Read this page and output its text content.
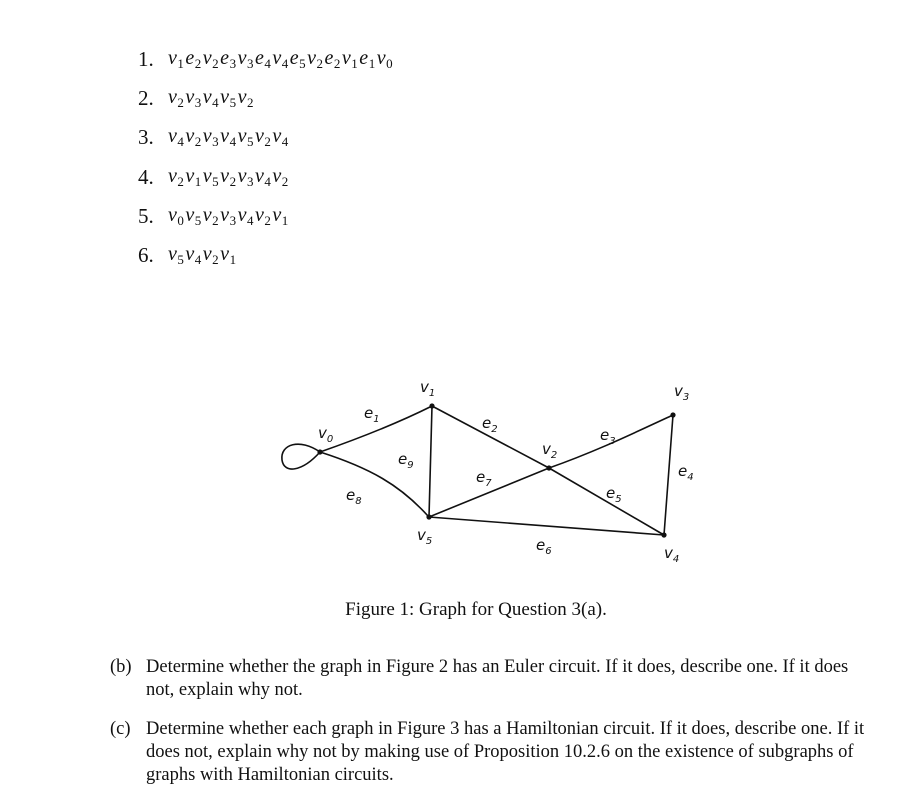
1. $v_1e_2v_2e_3v_3e_4v_4e_5v_2e_2v_1e_1v_0$
2. $v_2v_3v_4v_5v_2$
3. $v_4v_2v_3v_4v_5v_2v_4$
4. $v_2v_1v_5v_2v_3v_4v_2$
5. $v_0v_5v_2v_3v_4v_2v_1$
6. $v_5v_4v_2v_1$
$v_0$
$v_1$
$v_2$
$v_3$
$v_4$
$v_5$
$e_1$	$e_2$	$e_3$
$e_4$
$e_5$
$e_6$
$e_7$
$e_8$
$e_9$
Figure 1: Graph for Question 3(a).
(b) Determine whether the graph in Figure 2 has an Euler circuit. If it does, describe one. If it does not, explain why not.
(c) Determine whether each graph in Figure 3 has a Hamiltonian circuit. If it does, describe one. If it does not, explain why not by making use of Proposition 10.2.6 on the existence of subgraphs of graphs with Hamiltonian circuits.
